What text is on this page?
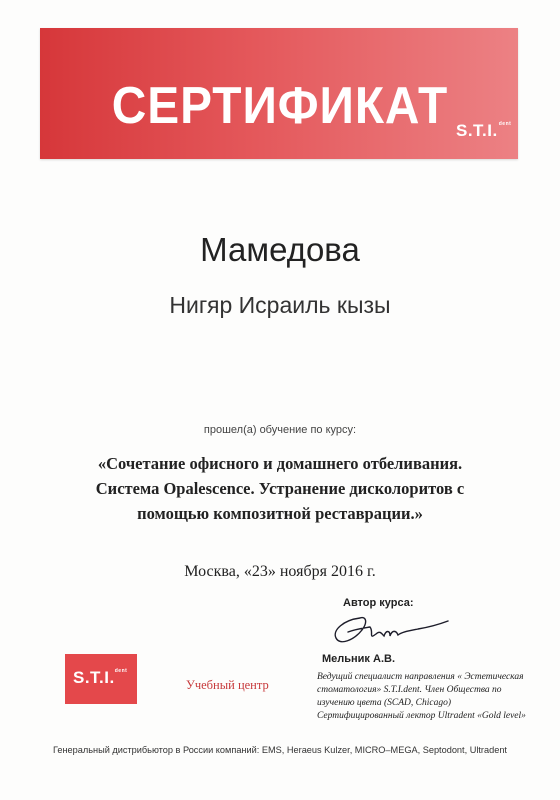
СЕРТИФИКАТ S.T.I.$^{dent}$
Мамедова
Нигяр Исраиль кызы
прошел(а) обучение по курсу:
«Сочетание офисного и домашнего отбеливания.
Система Opalescence. Устранение дисколоритов с
помощью композитной реставрации.»
Москва, «23» ноября 2016 г.
Автор курса:
Мельник А.В.
Ведущий специалист направления « Эстетическая
стоматология» S.T.I.dent. Член Общества по
изучению цвета (SCAD, Chicago)
Сертифицированный лектор Ultradent «Gold level»
S.T.I.$^{dent}$
Учебный центр
Генеральный дистрибьютор в России компаний: EMS, Heraeus Kulzer, MICRO–MEGA, Septodont, Ultradent
